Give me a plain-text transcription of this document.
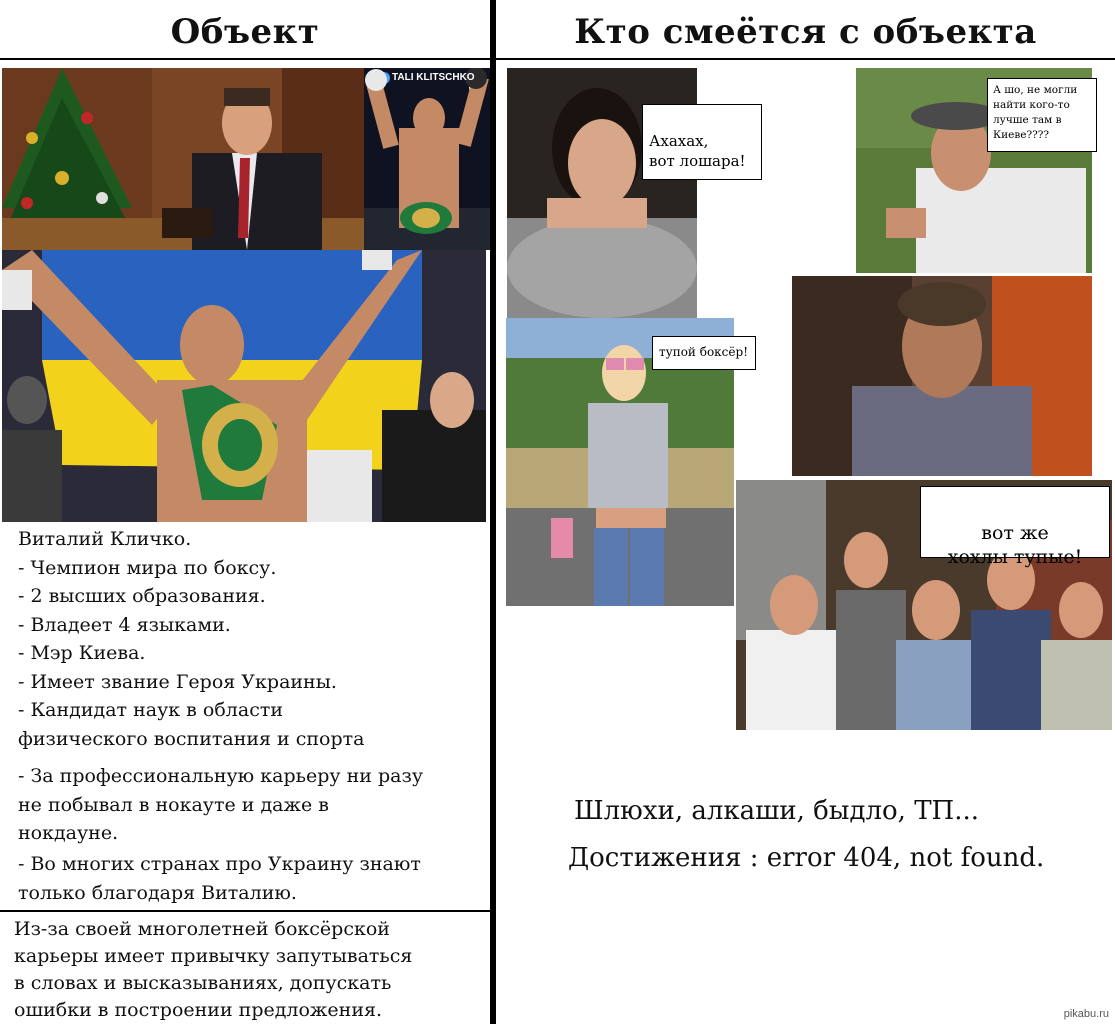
Объект	Кто смеётся с объекта
TALI KLITSCHKO
Виталий Кличко.
- Чемпион мира по боксу.
- 2 высших образования.
- Владеет 4 языками.
- Мэр Киева.
- Имеет звание Героя Украины.
- Кандидат наук в области
физического воспитания и спорта
- За профессиональную карьеру ни разу
не побывал в нокауте и даже в
нокдауне.
- Во многих странах про Украину знают
только благодаря Виталию.
Из-за своей многолетней боксёрской
карьеры имеет привычку запутываться
в словах и высказываниях, допускать
ошибки в построении предложения.

Ахахах,
вот лошара!

А шо, не могли найти кого-то лучше там в Киеве????
тупой боксёр!

вот же
хохлы тупые!

Шлюхи, алкаши, быдло, ТП...
Достижения : error 404, not found.
pikabu.ru
